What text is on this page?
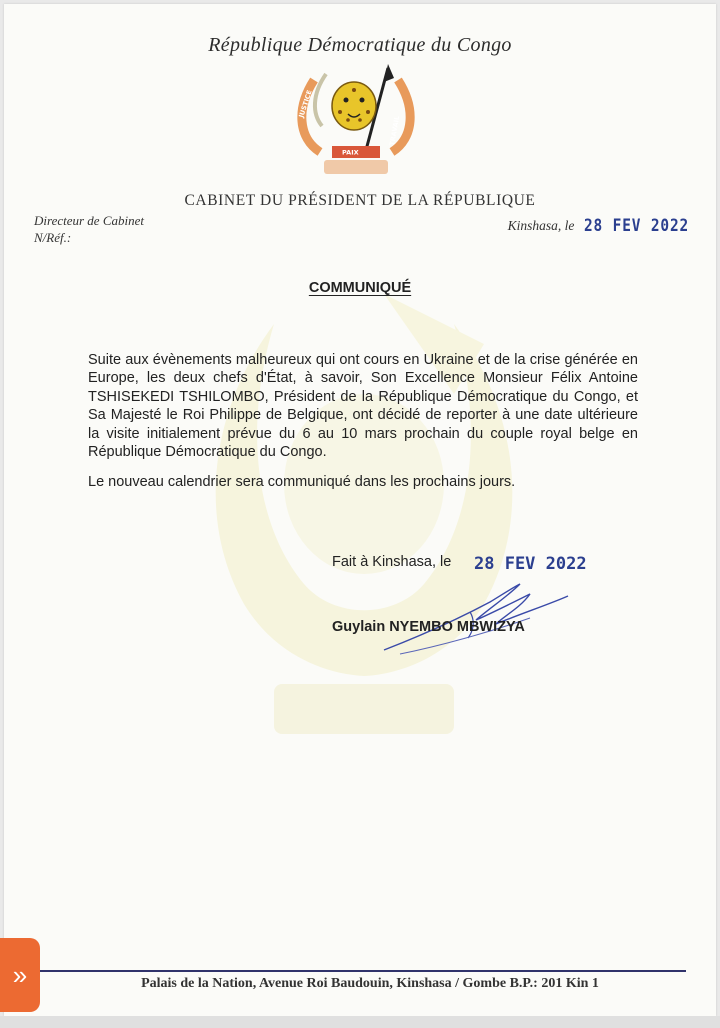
République Démocratique du Congo
JUSTICE
PAIX
TRAVAIL
CABINET DU PRÉSIDENT DE LA RÉPUBLIQUE
Directeur de Cabinet
N/Réf.:
Kinshasa, le 28 FEV 2022
COMMUNIQUÉ

Suite aux évènements malheureux qui ont cours en Ukraine et de la crise générée en Europe, les deux chefs d'État, à savoir, Son Excellence Monsieur Félix Antoine TSHISEKEDI TSHILOMBO, Président de la République Démocratique du Congo, et Sa Majesté le Roi Philippe de Belgique, ont décidé de reporter à une date ultérieure la visite initialement prévue du 6 au 10 mars prochain du couple royal belge en République Démocratique du Congo.

Le nouveau calendrier sera communiqué dans les prochains jours.

Fait à Kinshasa, le 28 FEV 2022
Guylain NYEMBO MBWIZYA
Palais de la Nation, Avenue Roi Baudouin, Kinshasa / Gombe B.P.: 201 Kin 1
»
